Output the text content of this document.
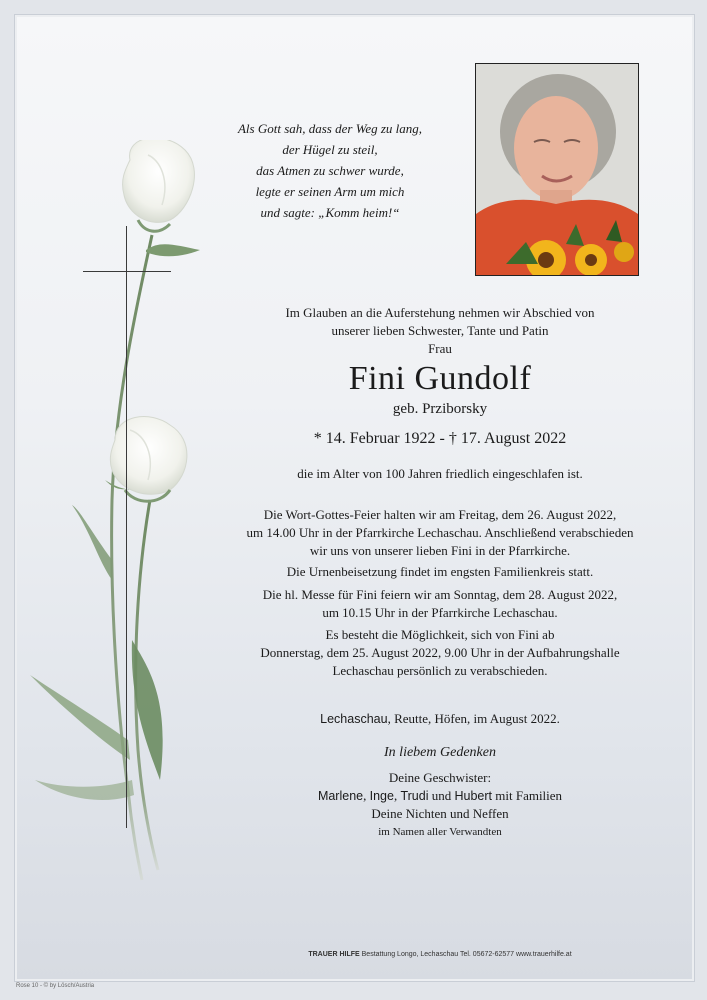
Als Gott sah, dass der Weg zu lang,
der Hügel zu steil,
das Atmen zu schwer wurde,
legte er seinen Arm um mich
und sagte: „Komm heim!“
Im Glauben an die Auferstehung nehmen wir Abschied von
unserer lieben Schwester, Tante und Patin
Frau
Fini Gundolf
geb. Prziborsky
* 14. Februar 1922 - † 17. August 2022
die im Alter von 100 Jahren friedlich eingeschlafen ist.
Die Wort-Gottes-Feier halten wir am Freitag, dem 26. August 2022,
um 14.00 Uhr in der Pfarrkirche Lechaschau. Anschließend verabschieden
wir uns von unserer lieben Fini in der Pfarrkirche.
Die Urnenbeisetzung findet im engsten Familienkreis statt.
Die hl. Messe für Fini feiern wir am Sonntag, dem 28. August 2022,
um 10.15 Uhr in der Pfarrkirche Lechaschau.
Es besteht die Möglichkeit, sich von Fini ab
Donnerstag, dem 25. August 2022, 9.00 Uhr in der Aufbahrungshalle
Lechaschau persönlich zu verabschieden.
Lechaschau, Reutte, Höfen, im August 2022.
In liebem Gedenken
Deine Geschwister:
Marlene, Inge, Trudi und Hubert mit Familien
Deine Nichten und Neffen
im Namen aller Verwandten
TRAUER HILFE Bestattung Longo, Lechaschau Tel. 05672-62577 www.trauerhilfe.at
Rose 10 - © by Lösch/Austria
